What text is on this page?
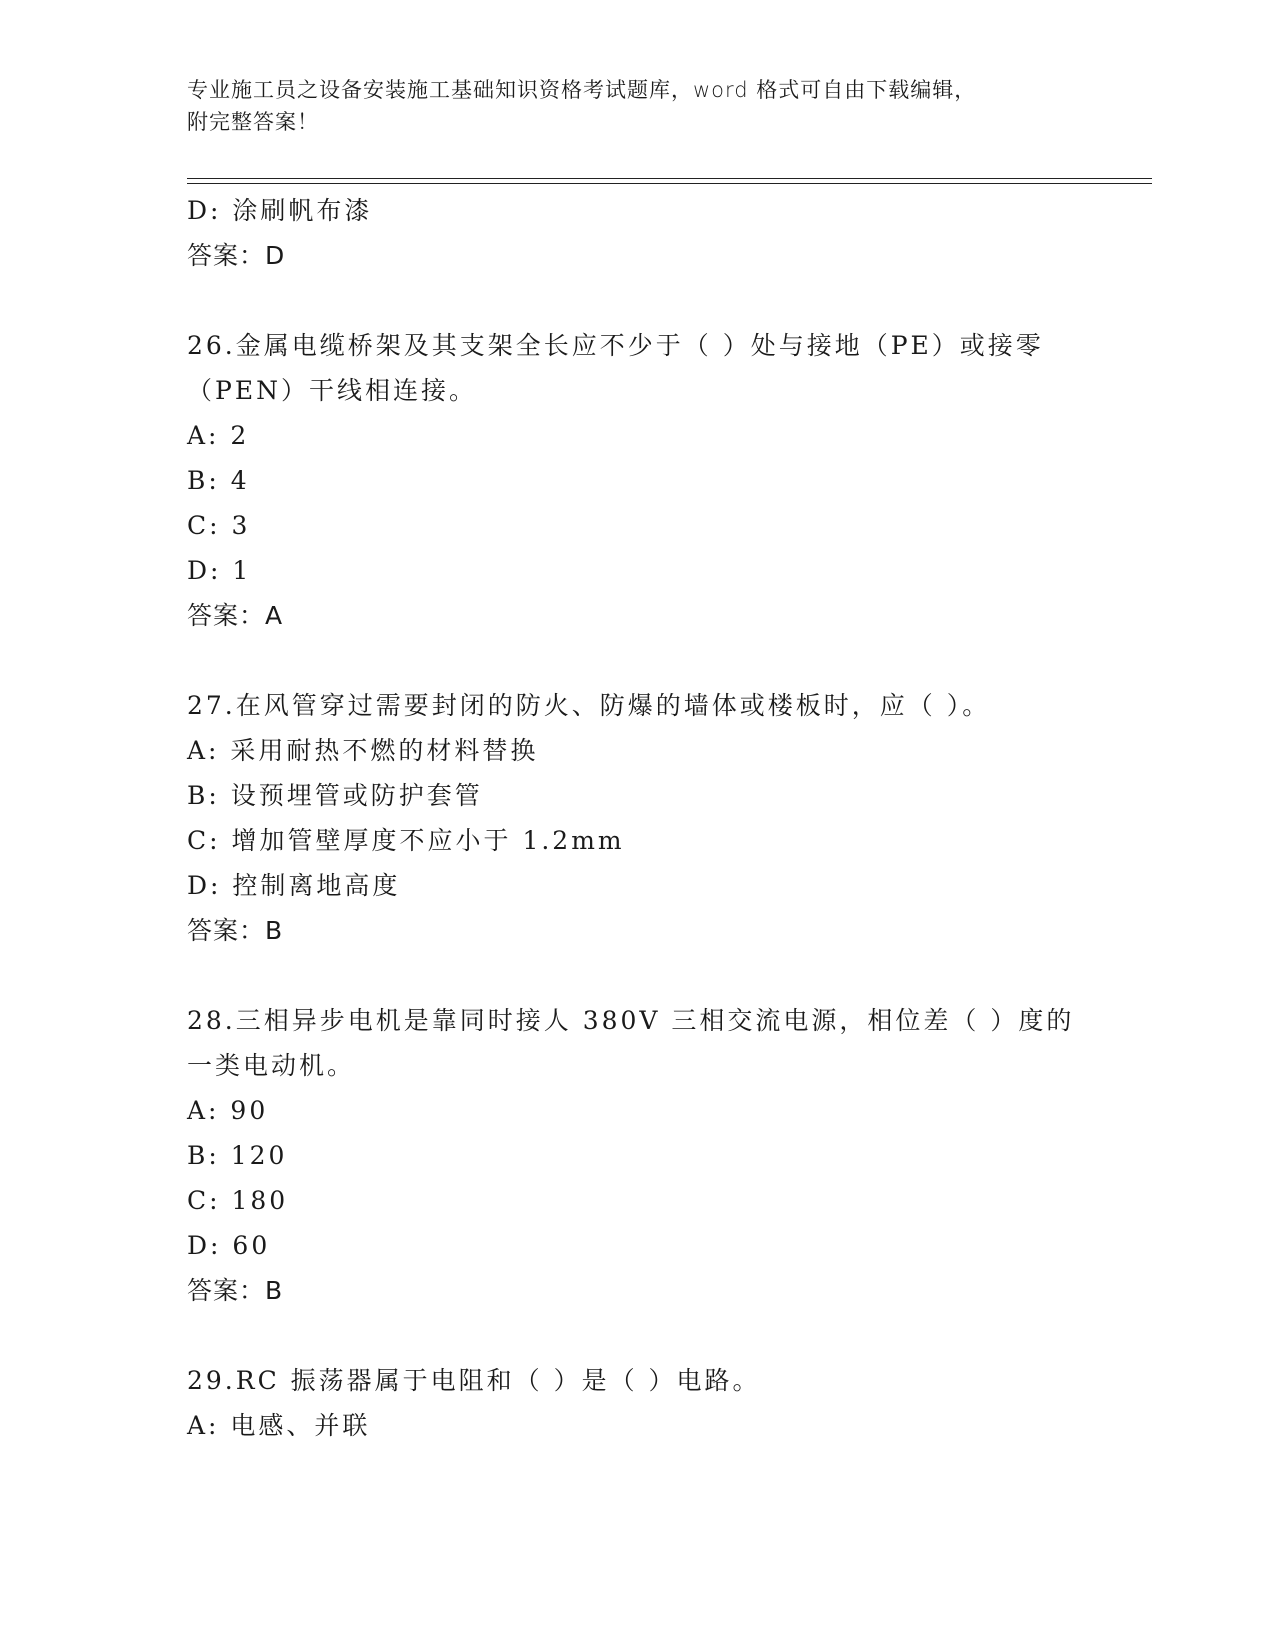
专业施工员之设备安装施工基础知识资格考试题库，word 格式可自由下载编辑，
附完整答案！
D: 涂刷帆布漆
答案：D
26.金属电缆桥架及其支架全长应不少于（ ）处与接地（PE）或接零
（PEN）干线相连接。
A: 2
B: 4
C: 3
D: 1
答案：A
27.在风管穿过需要封闭的防火、防爆的墙体或楼板时，应（ ）。
A: 采用耐热不燃的材料替换
B: 设预埋管或防护套管
C: 增加管壁厚度不应小于 1.2mm
D: 控制离地高度
答案：B
28.三相异步电机是靠同时接人 380V 三相交流电源，相位差（ ）度的
一类电动机。
A: 90
B: 120
C: 180
D: 60
答案：B
29.RC 振荡器属于电阻和（ ）是（ ）电路。
A: 电感、并联
